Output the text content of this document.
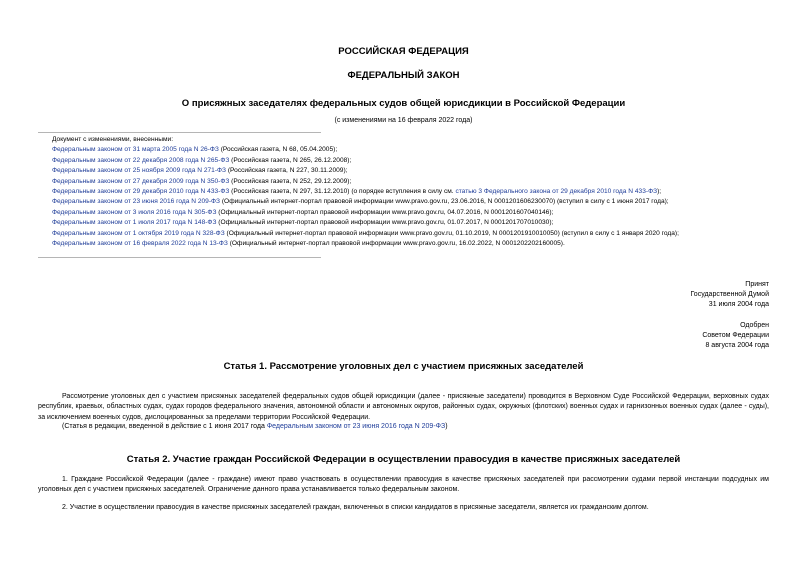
РОССИЙСКАЯ ФЕДЕРАЦИЯ
ФЕДЕРАЛЬНЫЙ ЗАКОН
О присяжных заседателях федеральных судов общей юрисдикции в Российской Федерации
(с изменениями на 16 февраля 2022 года)
Документ с изменениями, внесенными:
Федеральным законом от 31 марта 2005 года N 26-ФЗ (Российская газета, N 68, 05.04.2005);
Федеральным законом от 22 декабря 2008 года N 265-ФЗ (Российская газета, N 265, 26.12.2008);
Федеральным законом от 25 ноября 2009 года N 271-ФЗ (Российская газета, N 227, 30.11.2009);
Федеральным законом от 27 декабря 2009 года N 350-ФЗ (Российская газета, N 252, 29.12.2009);
Федеральным законом от 29 декабря 2010 года N 433-ФЗ (Российская газета, N 297, 31.12.2010) (о порядке вступления в силу см. статью 3 Федерального закона от 29 декабря 2010 года N 433-ФЗ);
Федеральным законом от 23 июня 2016 года N 209-ФЗ (Официальный интернет-портал правовой информации www.pravo.gov.ru, 23.06.2016, N 0001201606230070) (вступил в силу с 1 июня 2017 года);
Федеральным законом от 3 июля 2016 года N 305-ФЗ (Официальный интернет-портал правовой информации www.pravo.gov.ru, 04.07.2016, N 0001201607040146);
Федеральным законом от 1 июля 2017 года N 148-ФЗ (Официальный интернет-портал правовой информации www.pravo.gov.ru, 01.07.2017, N 0001201707010030);
Федеральным законом от 1 октября 2019 года N 328-ФЗ (Официальный интернет-портал правовой информации www.pravo.gov.ru, 01.10.2019, N 0001201910010050) (вступил в силу с 1 января 2020 года);
Федеральным законом от 16 февраля 2022 года N 13-ФЗ (Официальный интернет-портал правовой информации www.pravo.gov.ru, 16.02.2022, N 0001202202160005).
Принят
Государственной Думой
31 июля 2004 года
Одобрен
Советом Федерации
8 августа 2004 года
Статья 1. Рассмотрение уголовных дел с участием присяжных заседателей
Рассмотрение уголовных дел с участием присяжных заседателей федеральных судов общей юрисдикции (далее - присяжные заседатели) проводится в Верховном Суде Российской Федерации, верховных судах республик, краевых, областных судах, судах городов федерального значения, автономной области и автономных округов, районных судах, окружных (флотских) военных судах и гарнизонных военных судах (далее - суды), за исключением военных судов, дислоцированных за пределами территории Российской Федерации.
(Статья в редакции, введенной в действие с 1 июня 2017 года Федеральным законом от 23 июня 2016 года N 209-ФЗ)
Статья 2. Участие граждан Российской Федерации в осуществлении правосудия в качестве присяжных заседателей
1. Граждане Российской Федерации (далее - граждане) имеют право участвовать в осуществлении правосудия в качестве присяжных заседателей при рассмотрении судами первой инстанции подсудных им уголовных дел с участием присяжных заседателей. Ограничение данного права устанавливается только федеральным законом.
2. Участие в осуществлении правосудия в качестве присяжных заседателей граждан, включенных в списки кандидатов в присяжные заседатели, является их гражданским долгом.
